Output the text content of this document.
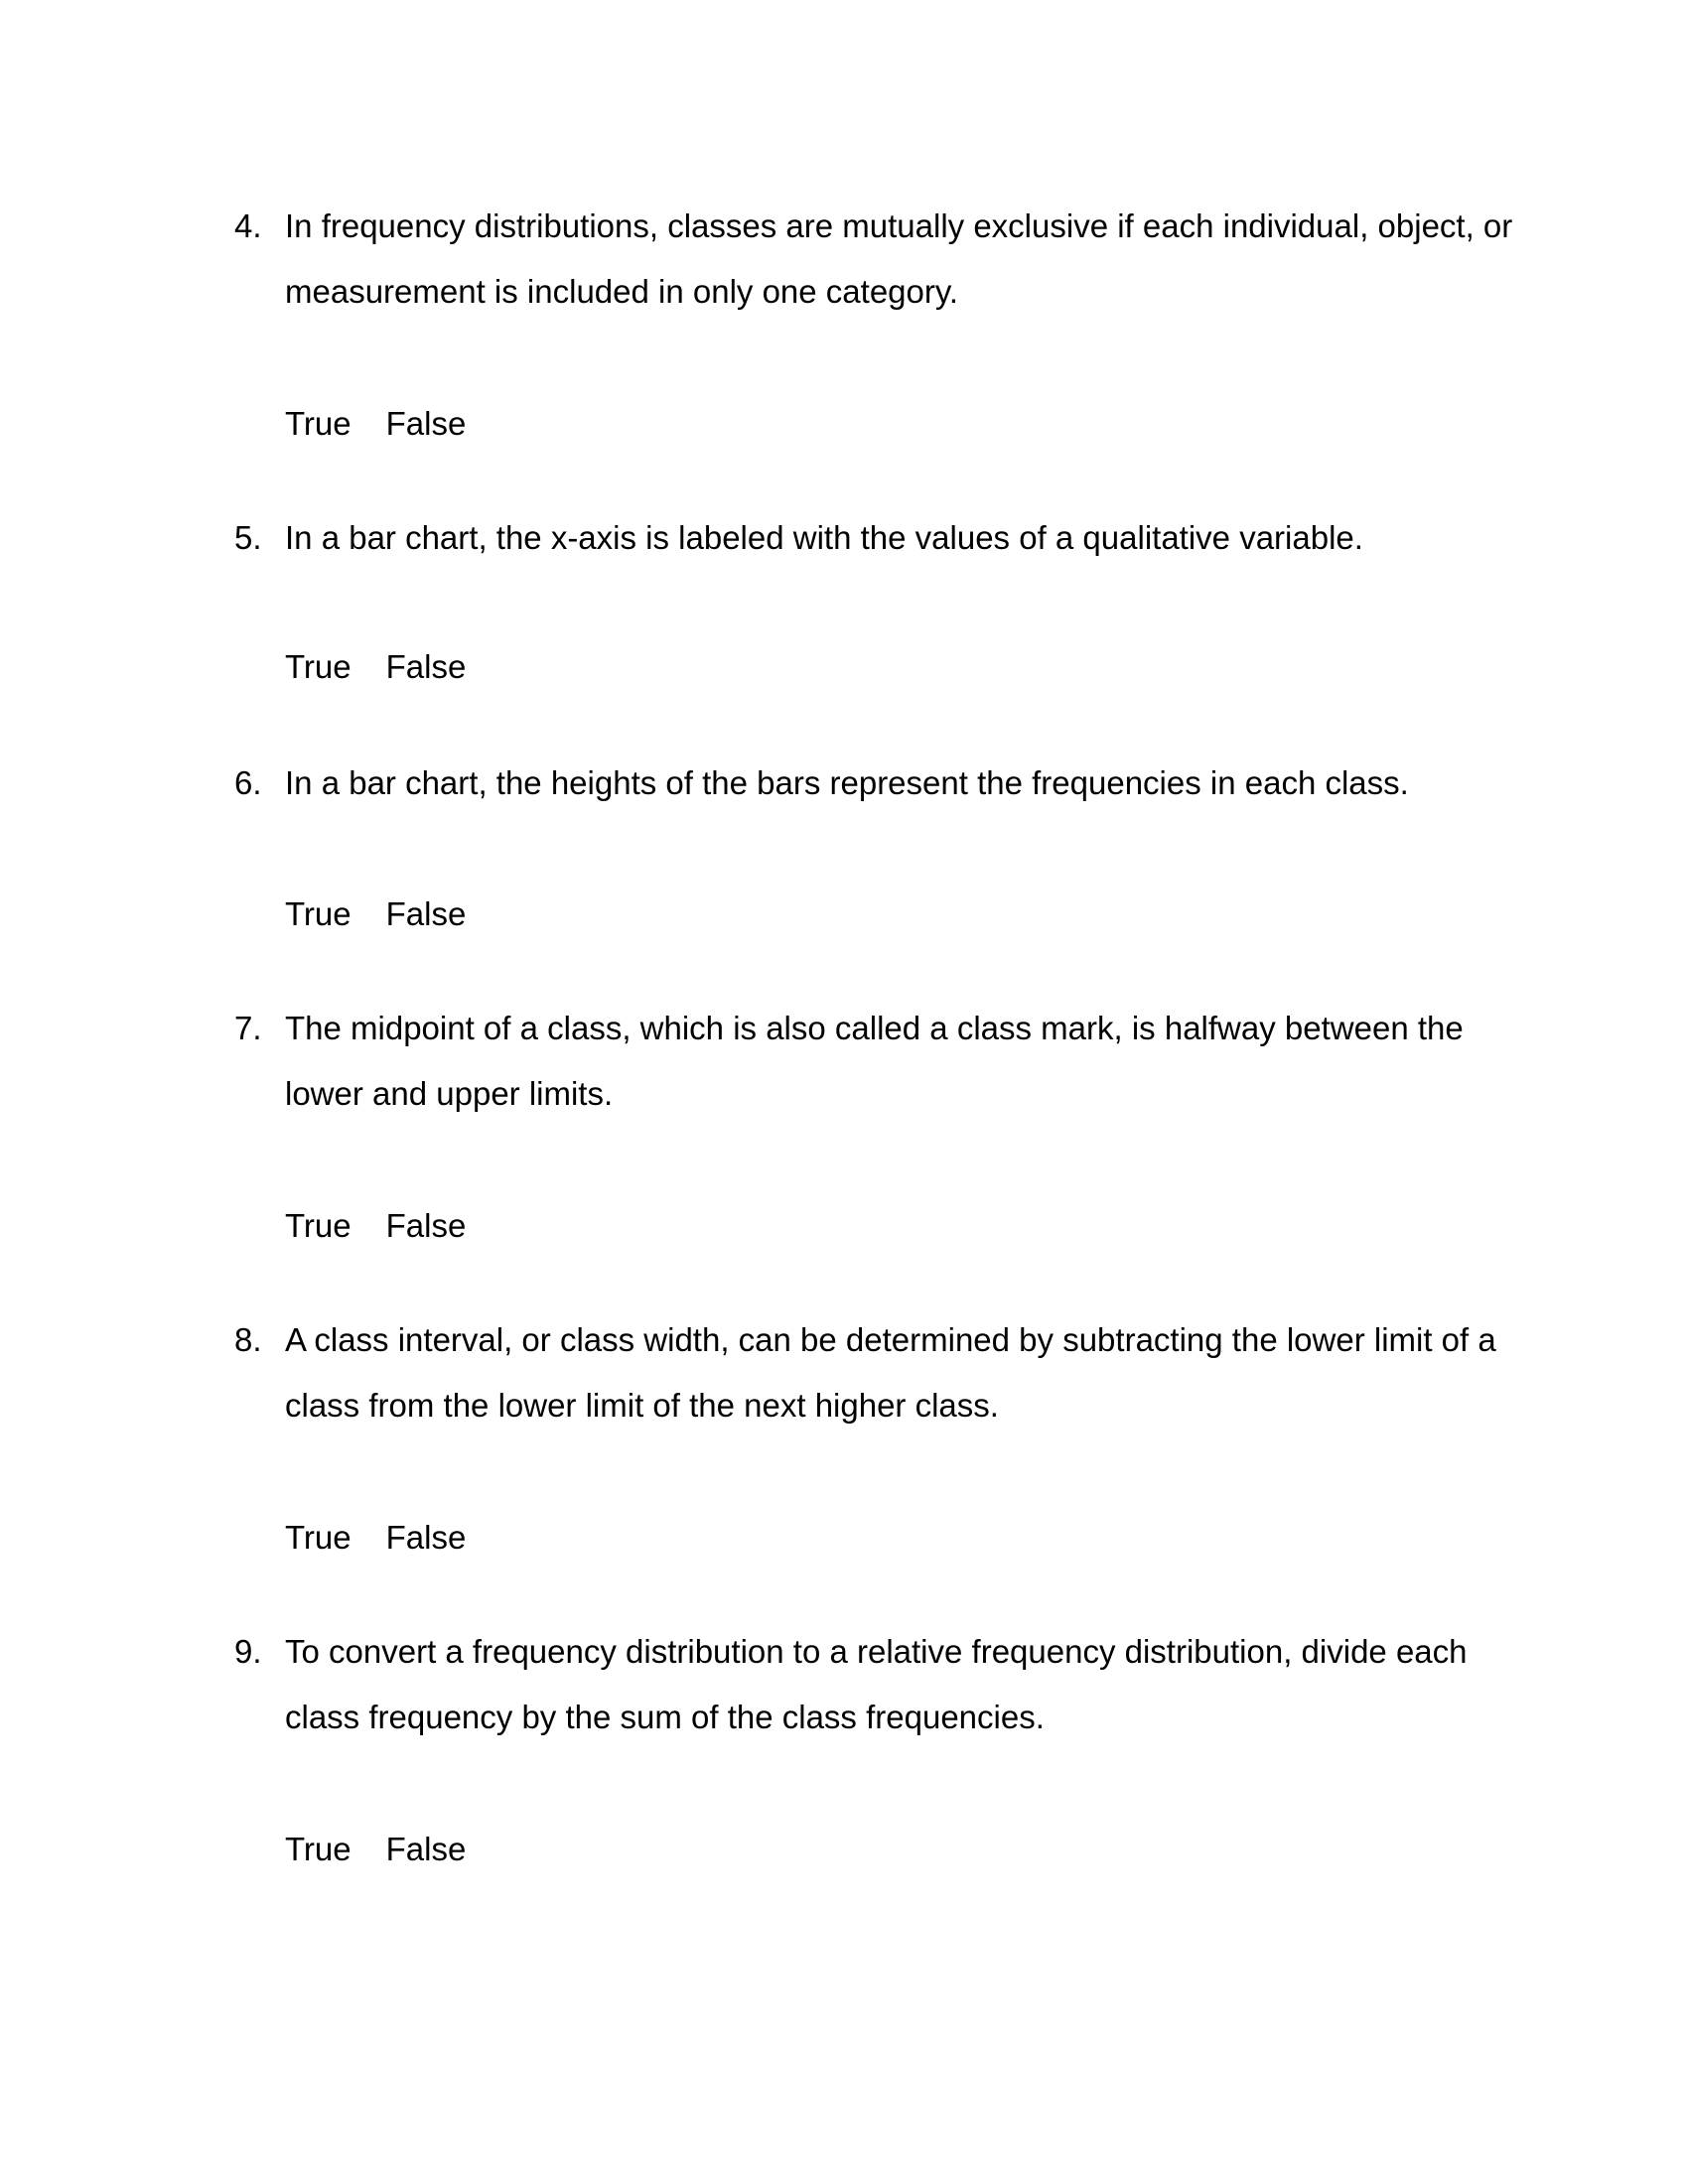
4. In frequency distributions, classes are mutually exclusive if each individual, object, or measurement is included in only one category.
True False
5. In a bar chart, the x-axis is labeled with the values of a qualitative variable.
True False
6. In a bar chart, the heights of the bars represent the frequencies in each class.
True False
7. The midpoint of a class, which is also called a class mark, is halfway between the lower and upper limits.
True False
8. A class interval, or class width, can be determined by subtracting the lower limit of a class from the lower limit of the next higher class.
True False
9. To convert a frequency distribution to a relative frequency distribution, divide each class frequency by the sum of the class frequencies.
True False
